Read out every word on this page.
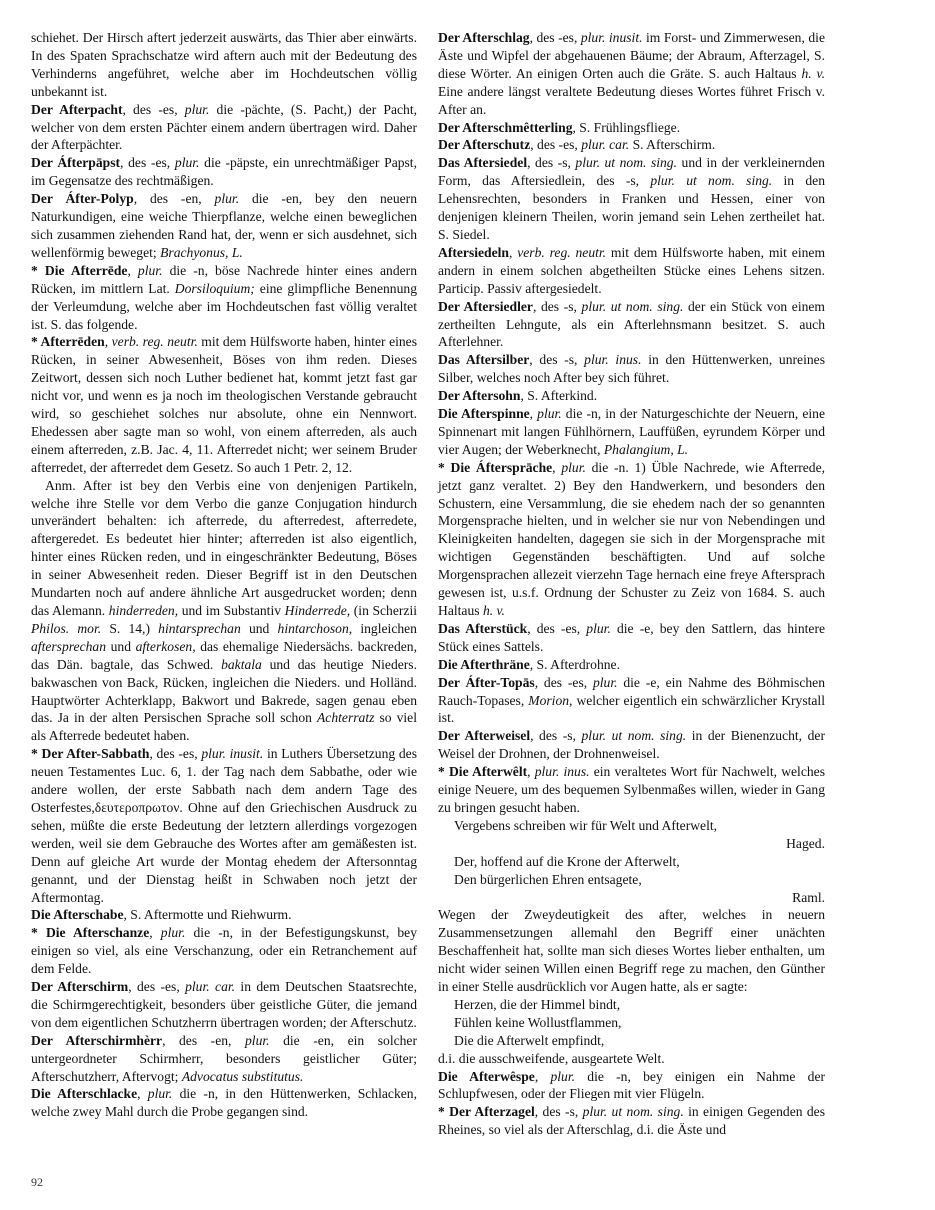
schiehet. Der Hirsch aftert jederzeit auswärts, das Thier aber einwärts. In des Spaten Sprachschatze wird aftern auch mit der Bedeutung des Verhinderns angeführet, welche aber im Hochdeutschen völlig unbekannt ist.

Der Afterpacht, des -es, plur. die -pächte, (S. Pacht,) der Pacht, welcher von dem ersten Pächter einem andern übertragen wird. Daher der Afterpächter.

Der Áfterpāpst, des -es, plur. die -päpste, ein unrechtmäßiger Papst, im Gegensatze des rechtmäßigen.

Der Áfter-Polyp, des -en, plur. die -en, bey den neuern Naturkundigen, eine weiche Thierpflanze, welche einen beweglichen sich zusammen ziehenden Rand hat, der, wenn er sich ausdehnet, sich wellenförmig beweget; Brachyonus, L.

* Die Afterrēde, plur. die -n, böse Nachrede hinter eines andern Rücken, im mittlern Lat. Dorsiloquium; eine glimpfliche Benennung der Verleumdung, welche aber im Hochdeutschen fast völlig veraltet ist. S. das folgende.

* Afterrēden, verb. reg. neutr. mit dem Hülfsworte haben, hinter eines Rücken, in seiner Abwesenheit, Böses von ihm reden. Dieses Zeitwort, dessen sich noch Luther bedienet hat, kommt jetzt fast gar nicht vor, und wenn es ja noch im theologischen Verstande gebraucht wird, so geschiehet solches nur absolute, ohne ein Nennwort. Ehedessen aber sagte man so wohl, von einem afterreden, als auch einem afterreden, z.B. Jac. 4, 11. Afterredet nicht; wer seinem Bruder afterredet, der afterredet dem Gesetz. So auch 1 Petr. 2, 12.

Anm. After ist bey den Verbis eine von denjenigen Partikeln, welche ihre Stelle vor dem Verbo die ganze Conjugation hindurch unverändert behalten: ich afterrede, du afterredest, afterredete, aftergeredet. Es bedeutet hier hinter; afterreden ist also eigentlich, hinter eines Rücken reden, und in eingeschränkter Bedeutung, Böses in seiner Abwesenheit reden. Dieser Begriff ist in den Deutschen Mundarten noch auf andere ähnliche Art ausgedrucket worden; denn das Alemann. hinderreden, und im Substantiv Hinderrede, (in Scherzii Philos. mor. S. 14,) hintarsprechan und hintarchoson, ingleichen aftersprechan und afterkosen, das ehemalige Niedersächs. backreden, das Dän. bagtale, das Schwed. baktala und das heutige Nieders. bakwaschen von Back, Rücken, ingleichen die Nieders. und Holländ. Hauptwörter Achterklapp, Bakwort und Bakrede, sagen genau eben das. Ja in der alten Persischen Sprache soll schon Achterratz so viel als Afterrede bedeutet haben.

* Der After-Sabbath, des -es, plur. inusit. in Luthers Übersetzung des neuen Testamentes Luc. 6, 1. der Tag nach dem Sabbathe, oder wie andere wollen, der erste Sabbath nach dem andern Tage des Osterfestes,δευτεροπρωτον. Ohne auf den Griechischen Ausdruck zu sehen, müßte die erste Bedeutung der letztern allerdings vorgezogen werden, weil sie dem Gebrauche des Wortes after am gemäßesten ist. Denn auf gleiche Art wurde der Montag ehedem der Aftersonntag genannt, und der Dienstag heißt in Schwaben noch jetzt der Aftermontag.

Die Afterschabe, S. Aftermotte und Riehwurm.

* Die Afterschanze, plur. die -n, in der Befestigungskunst, bey einigen so viel, als eine Verschanzung, oder ein Retranchement auf dem Felde.

Der Afterschirm, des -es, plur. car. in dem Deutschen Staatsrechte, die Schirmgerechtigkeit, besonders über geistliche Güter, die jemand von dem eigentlichen Schutzherrn übertragen worden; der Afterschutz.

Der Afterschirmhèrr, des -en, plur. die -en, ein solcher untergeordneter Schirmherr, besonders geistlicher Güter; Afterschutzherr, Aftervogt; Advocatus substitutus.

Die Afterschlacke, plur. die -n, in den Hüttenwerken, Schlacken, welche zwey Mahl durch die Probe gegangen sind.

Der Afterschlag, des -es, plur. inusit. im Forst- und Zimmerwesen, die Äste und Wipfel der abgehauenen Bäume; der Abraum, Afterzagel, S. diese Wörter. An einigen Orten auch die Gräte. S. auch Haltaus h. v. Eine andere längst veraltete Bedeutung dieses Wortes führet Frisch v. After an.

Der Afterschmêtterling, S. Frühlingsfliege.

Der Afterschutz, des -es, plur. car. S. Afterschirm.

Das Aftersiedel, des -s, plur. ut nom. sing. und in der verkleinernden Form, das Aftersiedlein, des -s, plur. ut nom. sing. in den Lehensrechten, besonders in Franken und Hessen, einer von denjenigen kleinern Theilen, worin jemand sein Lehen zertheilet hat. S. Siedel.

Aftersiedeln, verb. reg. neutr. mit dem Hülfsworte haben, mit einem andern in einem solchen abgetheilten Stücke eines Lehens sitzen. Particip. Passiv aftergesiedelt.

Der Aftersiedler, des -s, plur. ut nom. sing. der ein Stück von einem zertheilten Lehngute, als ein Afterlehnsmann besitzet. S. auch Afterlehner.

Das Aftersilber, des -s, plur. inus. in den Hüttenwerken, unreines Silber, welches noch After bey sich führet.

Der Aftersohn, S. Afterkind.

Die Afterspinne, plur. die -n, in der Naturgeschichte der Neuern, eine Spinnenart mit langen Fühlhörnern, Lauffüßen, eyrundem Körper und vier Augen; der Weberknecht, Phalangium, L.

* Die Áftersprāche, plur. die -n. 1) Üble Nachrede, wie Afterrede, jetzt ganz veraltet. 2) Bey den Handwerkern, und besonders den Schustern, eine Versammlung, die sie ehedem nach der so genannten Morgensprache hielten, und in welcher sie nur von Nebendingen und Kleinigkeiten handelten, dagegen sie sich in der Morgensprache mit wichtigen Gegenständen beschäftigten. Und auf solche Morgensprachen allezeit vierzehn Tage hernach eine freye Aftersprach gewesen ist, u.s.f. Ordnung der Schuster zu Zeiz von 1684. S. auch Haltaus h. v.

Das Afterstück, des -es, plur. die -e, bey den Sattlern, das hintere Stück eines Sattels.

Die Afterthräne, S. Afterdrohne.

Der Áfter-Topās, des -es, plur. die -e, ein Nahme des Böhmischen Rauch-Topases, Morion, welcher eigentlich ein schwärzlicher Krystall ist.

Der Afterweisel, des -s, plur. ut nom. sing. in der Bienenzucht, der Weisel der Drohnen, der Drohnenweisel.

* Die Afterwêlt, plur. inus. ein veraltetes Wort für Nachwelt, welches einige Neuere, um des bequemen Sylbenmaßes willen, wieder in Gang zu bringen gesucht haben.

Vergebens schreiben wir für Welt und Afterwelt,

Haged.

Der, hoffend auf die Krone der Afterwelt,

Den bürgerlichen Ehren entsagete,

Raml.

Wegen der Zweydeutigkeit des after, welches in neuern Zusammensetzungen allemahl den Begriff einer unächten Beschaffenheit hat, sollte man sich dieses Wortes lieber enthalten, um nicht wider seinen Willen einen Begriff rege zu machen, den Günther in einer Stelle ausdrücklich vor Augen hatte, als er sagte:

Herzen, die der Himmel bindt,

Fühlen keine Wollustflammen,

Die die Afterwelt empfindt,

d.i. die ausschweifende, ausgeartete Welt.

Die Afterwêspe, plur. die -n, bey einigen ein Nahme der Schlupfwesen, oder der Fliegen mit vier Flügeln.

* Der Afterzagel, des -s, plur. ut nom. sing. in einigen Gegenden des Rheines, so viel als der Afterschlag, d.i. die Äste und

92
